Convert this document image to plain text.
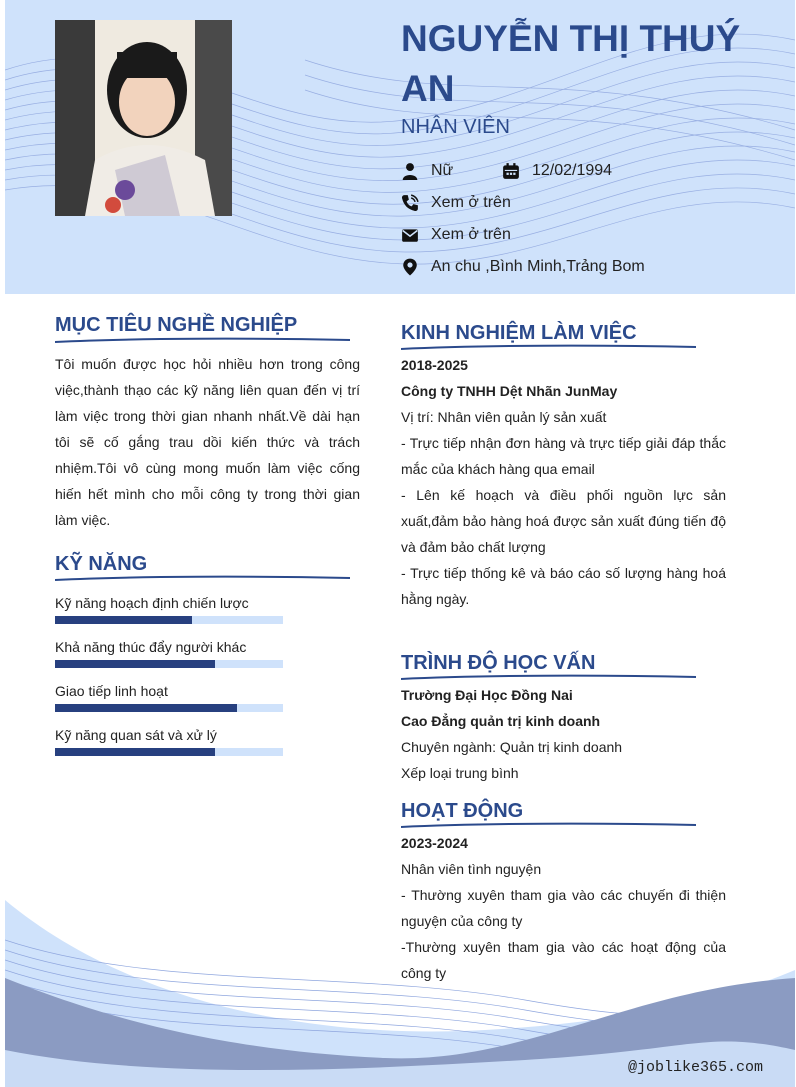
NGUYỄN THỊ THUÝ AN
NHÂN VIÊN
Nữ	12/02/1994
Xem ở trên
Xem ở trên
An chu ,Bình Minh,Trảng Bom
MỤC TIÊU NGHỀ NGHIỆP
Tôi muốn được học hỏi nhiều hơn trong công việc,thành thạo các kỹ năng liên quan đến vị trí làm việc trong thời gian nhanh nhất.Về dài hạn tôi sẽ cố gắng trau dồi kiến thức và trách nhiệm.Tôi vô cùng mong muốn làm việc cống hiến hết mình cho mỗi công ty trong thời gian làm việc.
KỸ NĂNG
Kỹ năng hoạch định chiến lược
Khả năng thúc đẩy người khác
Giao tiếp linh hoạt
Kỹ năng quan sát và xử lý
KINH NGHIỆM LÀM VIỆC
2018-2025
Công ty TNHH Dệt Nhãn JunMay
Vị trí: Nhân viên quản lý sản xuất
- Trực tiếp nhận đơn hàng và trực tiếp giải đáp thắc mắc của khách hàng qua email
- Lên kế hoạch và điều phối nguồn lực sản xuất,đảm bảo hàng hoá được sản xuất đúng tiến độ và đảm bảo chất lượng
- Trực tiếp thống kê và báo cáo số lượng hàng hoá hằng ngày.
TRÌNH ĐỘ HỌC VẤN
Trường Đại Học Đồng Nai
Cao Đẳng quản trị kinh doanh
Chuyên ngành: Quản trị kinh doanh
Xếp loại trung bình
HOẠT ĐỘNG
2023-2024
Nhân viên tình nguyện
- Thường xuyên tham gia vào các chuyến đi thiện nguyện của công ty
-Thường xuyên tham gia vào các hoạt động của công ty
@joblike365.com
